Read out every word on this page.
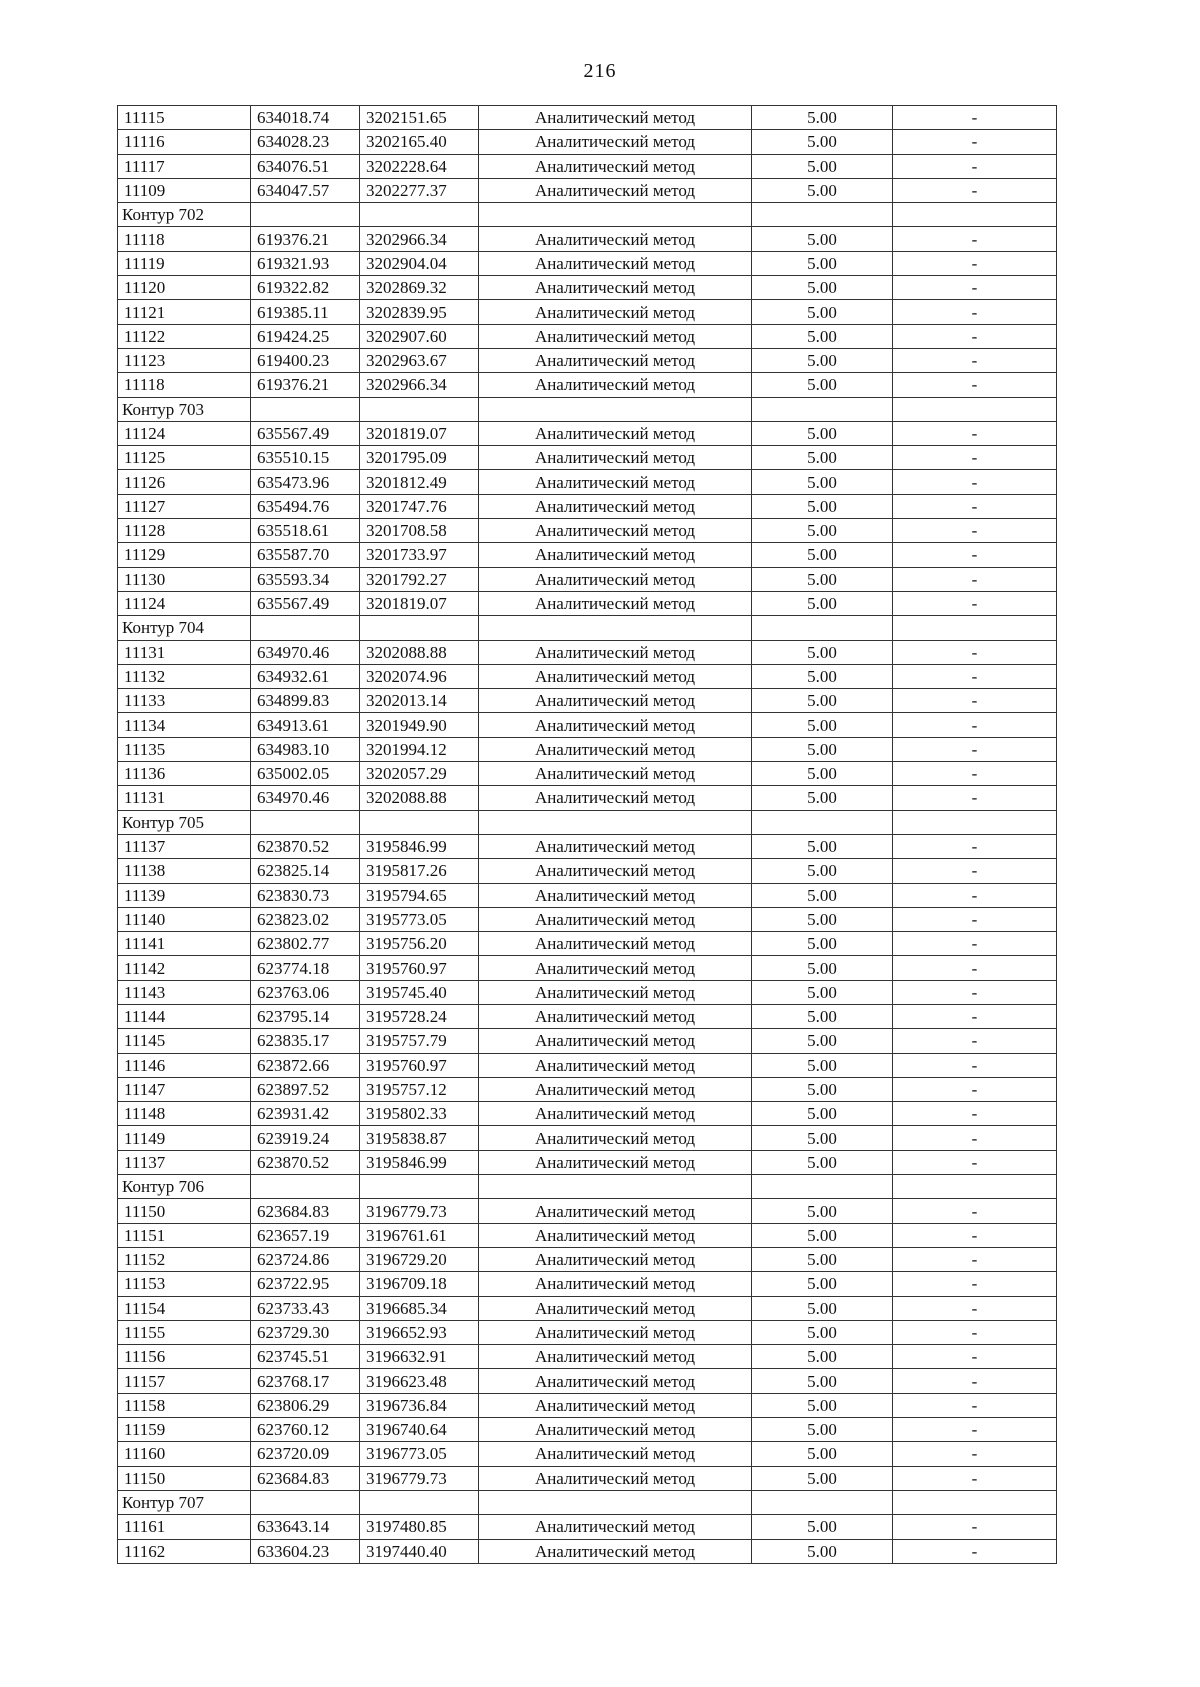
216
11115	634018.74	3202151.65	Аналитический метод	5.00	-
11116	634028.23	3202165.40	Аналитический метод	5.00	-
11117	634076.51	3202228.64	Аналитический метод	5.00	-
11109	634047.57	3202277.37	Аналитический метод	5.00	-
Контур 702					
11118	619376.21	3202966.34	Аналитический метод	5.00	-
11119	619321.93	3202904.04	Аналитический метод	5.00	-
11120	619322.82	3202869.32	Аналитический метод	5.00	-
11121	619385.11	3202839.95	Аналитический метод	5.00	-
11122	619424.25	3202907.60	Аналитический метод	5.00	-
11123	619400.23	3202963.67	Аналитический метод	5.00	-
11118	619376.21	3202966.34	Аналитический метод	5.00	-
Контур 703					
11124	635567.49	3201819.07	Аналитический метод	5.00	-
11125	635510.15	3201795.09	Аналитический метод	5.00	-
11126	635473.96	3201812.49	Аналитический метод	5.00	-
11127	635494.76	3201747.76	Аналитический метод	5.00	-
11128	635518.61	3201708.58	Аналитический метод	5.00	-
11129	635587.70	3201733.97	Аналитический метод	5.00	-
11130	635593.34	3201792.27	Аналитический метод	5.00	-
11124	635567.49	3201819.07	Аналитический метод	5.00	-
Контур 704					
11131	634970.46	3202088.88	Аналитический метод	5.00	-
11132	634932.61	3202074.96	Аналитический метод	5.00	-
11133	634899.83	3202013.14	Аналитический метод	5.00	-
11134	634913.61	3201949.90	Аналитический метод	5.00	-
11135	634983.10	3201994.12	Аналитический метод	5.00	-
11136	635002.05	3202057.29	Аналитический метод	5.00	-
11131	634970.46	3202088.88	Аналитический метод	5.00	-
Контур 705					
11137	623870.52	3195846.99	Аналитический метод	5.00	-
11138	623825.14	3195817.26	Аналитический метод	5.00	-
11139	623830.73	3195794.65	Аналитический метод	5.00	-
11140	623823.02	3195773.05	Аналитический метод	5.00	-
11141	623802.77	3195756.20	Аналитический метод	5.00	-
11142	623774.18	3195760.97	Аналитический метод	5.00	-
11143	623763.06	3195745.40	Аналитический метод	5.00	-
11144	623795.14	3195728.24	Аналитический метод	5.00	-
11145	623835.17	3195757.79	Аналитический метод	5.00	-
11146	623872.66	3195760.97	Аналитический метод	5.00	-
11147	623897.52	3195757.12	Аналитический метод	5.00	-
11148	623931.42	3195802.33	Аналитический метод	5.00	-
11149	623919.24	3195838.87	Аналитический метод	5.00	-
11137	623870.52	3195846.99	Аналитический метод	5.00	-
Контур 706					
11150	623684.83	3196779.73	Аналитический метод	5.00	-
11151	623657.19	3196761.61	Аналитический метод	5.00	-
11152	623724.86	3196729.20	Аналитический метод	5.00	-
11153	623722.95	3196709.18	Аналитический метод	5.00	-
11154	623733.43	3196685.34	Аналитический метод	5.00	-
11155	623729.30	3196652.93	Аналитический метод	5.00	-
11156	623745.51	3196632.91	Аналитический метод	5.00	-
11157	623768.17	3196623.48	Аналитический метод	5.00	-
11158	623806.29	3196736.84	Аналитический метод	5.00	-
11159	623760.12	3196740.64	Аналитический метод	5.00	-
11160	623720.09	3196773.05	Аналитический метод	5.00	-
11150	623684.83	3196779.73	Аналитический метод	5.00	-
Контур 707					
11161	633643.14	3197480.85	Аналитический метод	5.00	-
11162	633604.23	3197440.40	Аналитический метод	5.00	-
